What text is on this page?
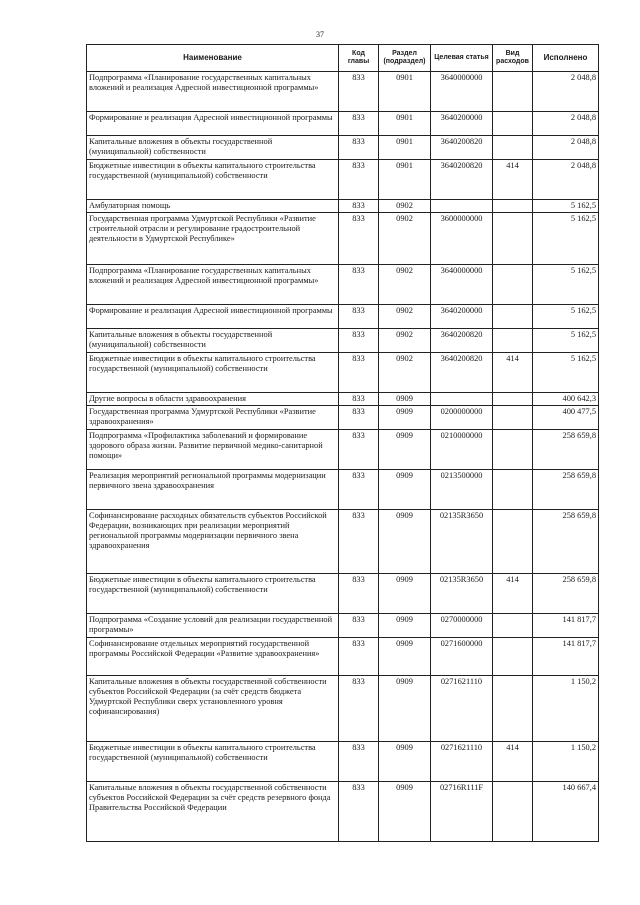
37
Наименование	Код главы	Раздел (подраздел)	Целевая статья	Вид расходов	Исполнено
Подпрограмма «Планирование государственных капитальных вложений и реализация Адресной инвестиционной программы»	833	0901	3640000000		2 048,8
Формирование и реализация Адресной инвестиционной программы	833	0901	3640200000		2 048,8
Капитальные вложения в объекты государственной (муниципальной) собственности	833	0901	3640200820		2 048,8
Бюджетные инвестиции в объекты капитального строительства государственной (муниципальной) собственности	833	0901	3640200820	414	2 048,8
Амбулаторная помощь	833	0902			5 162,5
Государственная программа Удмуртской Республики «Развитие строительной отрасли и регулирование градостроительной деятельности в Удмуртской Республике»	833	0902	3600000000		5 162,5
Подпрограмма «Планирование государственных капитальных вложений и реализация Адресной инвестиционной программы»	833	0902	3640000000		5 162,5
Формирование и реализация Адресной инвестиционной программы	833	0902	3640200000		5 162,5
Капитальные вложения в объекты государственной (муниципальной) собственности	833	0902	3640200820		5 162,5
Бюджетные инвестиции в объекты капитального строительства государственной (муниципальной) собственности	833	0902	3640200820	414	5 162,5
Другие вопросы в области здравоохранения	833	0909			400 642,3
Государственная программа Удмуртской Республики «Развитие здравоохранения»	833	0909	0200000000		400 477,5
Подпрограмма «Профилактика заболеваний и формирование здорового образа жизни. Развитие первичной медико-санитарной помощи»	833	0909	0210000000		258 659,8
Реализация мероприятий региональной программы модернизации первичного звена здравоохранения	833	0909	0213500000		258 659,8
Софинансирование расходных обязательств субъектов Российской Федерации, возникающих при реализации мероприятий региональной программы модернизации первичного звена здравоохранения	833	0909	02135R3650		258 659,8
Бюджетные инвестиции в объекты капитального строительства государственной (муниципальной) собственности	833	0909	02135R3650	414	258 659,8
Подпрограмма «Создание условий для реализации государственной программы»	833	0909	0270000000		141 817,7
Софинансирование отдельных мероприятий государственной программы Российской Федерации «Развитие здравоохранения»	833	0909	0271600000		141 817,7
Капитальные вложения в объекты государственной собственности субъектов Российской Федерации (за счёт средств бюджета Удмуртской Республики сверх установленного уровня софинансирования)	833	0909	0271621110		1 150,2
Бюджетные инвестиции в объекты капитального строительства государственной (муниципальной) собственности	833	0909	0271621110	414	1 150,2
Капитальные вложения в объекты государственной собственности субъектов Российской Федерации за счёт средств резервного фонда Правительства Российской Федерации	833	0909	02716R111F		140 667,4
